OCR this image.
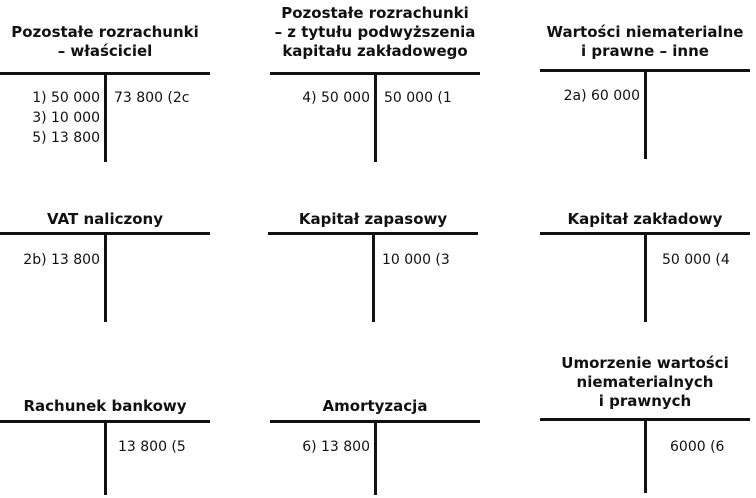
Pozostałe rozrachunki
– właściciel
1) 50 000
3) 10 000
5) 13 800
73 800 (2c
Pozostałe rozrachunki
– z tytułu podwyższenia
kapitału zakładowego
4) 50 000 50 000 (1
Wartości niematerialne
i prawne – inne
2a) 60 000
VAT naliczony
2b) 13 800
Kapitał zapasowy
10 000 (3
Kapitał zakładowy
50 000 (4
Rachunek bankowy
13 800 (5
Amortyzacja
6) 13 800
Umorzenie wartości
niematerialnych
i prawnych
6000 (6
